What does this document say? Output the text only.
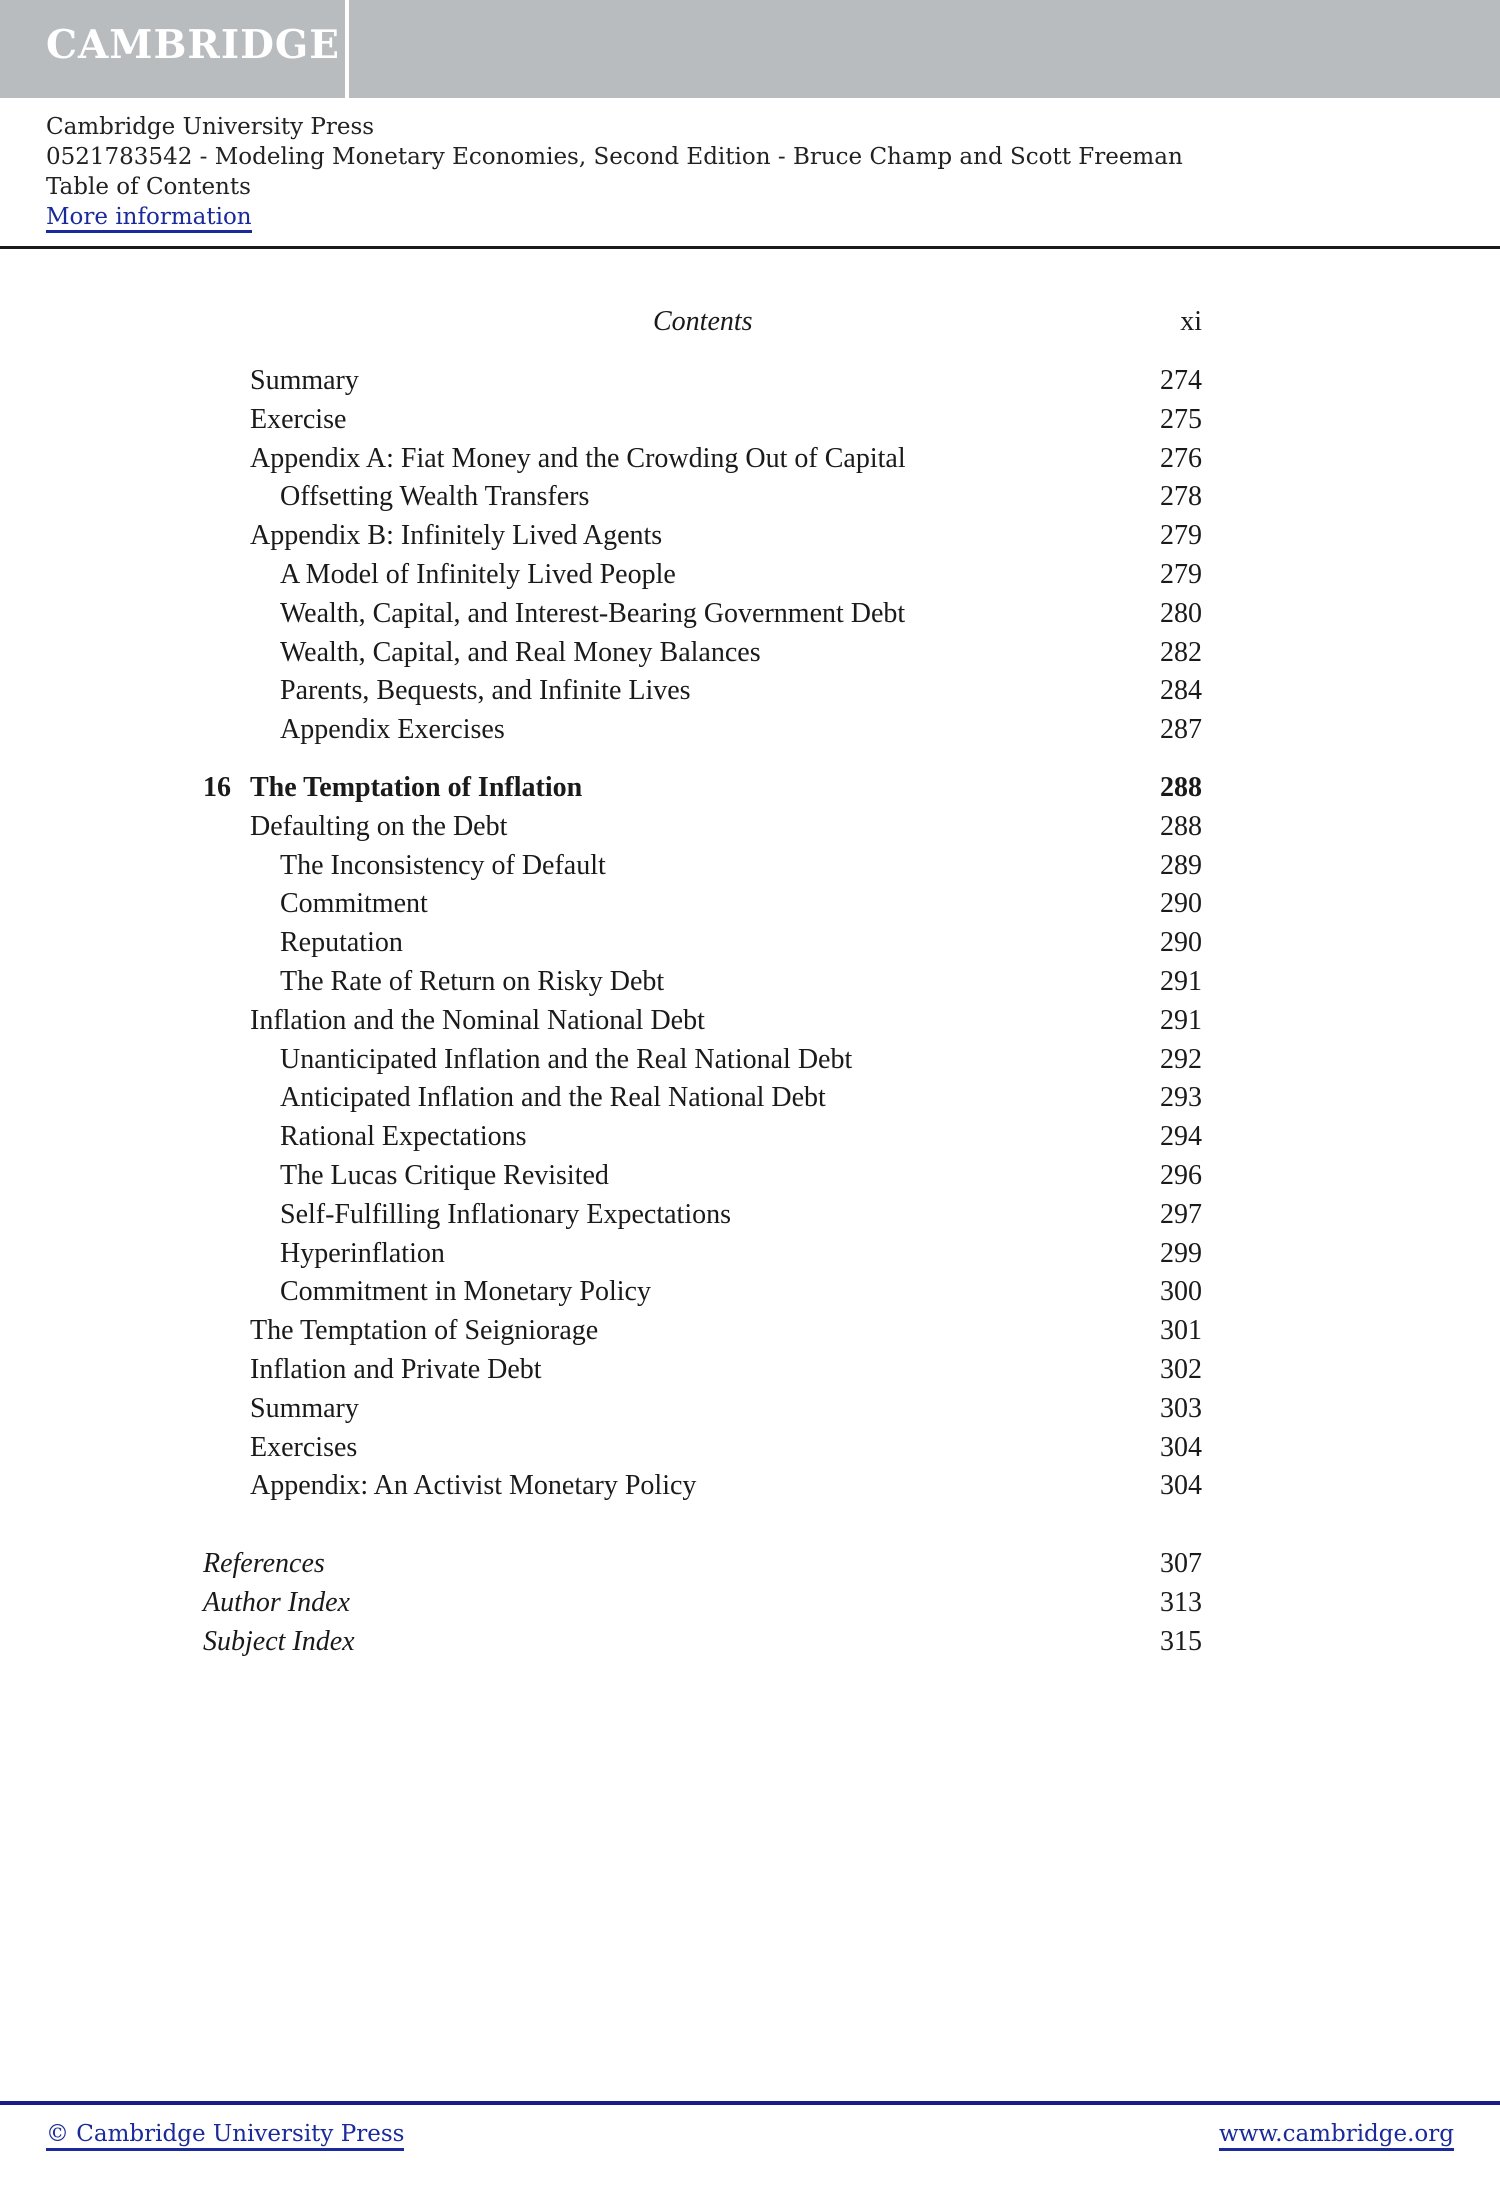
CAMBRIDGE
Cambridge University Press
0521783542 - Modeling Monetary Economies, Second Edition - Bruce Champ and Scott Freeman
Table of Contents
More information
Contents	xi
Summary	274
Exercise	275
Appendix A: Fiat Money and the Crowding Out of Capital	276
Offsetting Wealth Transfers	278
Appendix B: Infinitely Lived Agents	279
A Model of Infinitely Lived People	279
Wealth, Capital, and Interest-Bearing Government Debt	280
Wealth, Capital, and Real Money Balances	282
Parents, Bequests, and Infinite Lives	284
Appendix Exercises	287
16 The Temptation of Inflation	288
Defaulting on the Debt	288
The Inconsistency of Default	289
Commitment	290
Reputation	290
The Rate of Return on Risky Debt	291
Inflation and the Nominal National Debt	291
Unanticipated Inflation and the Real National Debt	292
Anticipated Inflation and the Real National Debt	293
Rational Expectations	294
The Lucas Critique Revisited	296
Self-Fulfilling Inflationary Expectations	297
Hyperinflation	299
Commitment in Monetary Policy	300
The Temptation of Seigniorage	301
Inflation and Private Debt	302
Summary	303
Exercises	304
Appendix: An Activist Monetary Policy	304
References	307
Author Index	313
Subject Index	315
© Cambridge University Press	www.cambridge.org
